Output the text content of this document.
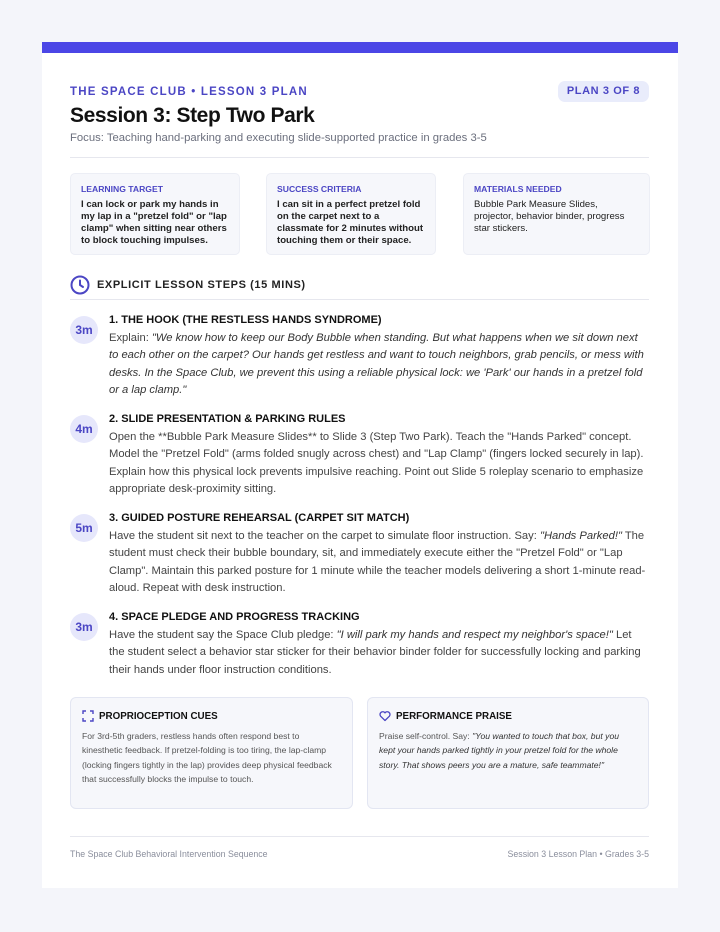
THE SPACE CLUB • LESSON 3 PLAN	PLAN 3 OF 8
Session 3: Step Two Park
Focus: Teaching hand-parking and executing slide-supported practice in grades 3-5
LEARNING TARGET
I can lock or park my hands in my lap in a "pretzel fold" or "lap clamp" when sitting near others to block touching impulses.
SUCCESS CRITERIA
I can sit in a perfect pretzel fold on the carpet next to a classmate for 2 minutes without touching them or their space.
MATERIALS NEEDED
Bubble Park Measure Slides, projector, behavior binder, progress star stickers.
EXPLICIT LESSON STEPS (15 MINS)
3m
1. THE HOOK (THE RESTLESS HANDS SYNDROME)
Explain: "We know how to keep our Body Bubble when standing. But what happens when we sit down next to each other on the carpet? Our hands get restless and want to touch neighbors, grab pencils, or mess with desks. In the Space Club, we prevent this using a reliable physical lock: we 'Park' our hands in a pretzel fold or a lap clamp."
4m
2. SLIDE PRESENTATION & PARKING RULES
Open the **Bubble Park Measure Slides** to Slide 3 (Step Two Park). Teach the "Hands Parked" concept. Model the "Pretzel Fold" (arms folded snugly across chest) and "Lap Clamp" (fingers locked securely in lap). Explain how this physical lock prevents impulsive reaching. Point out Slide 5 roleplay scenario to emphasize appropriate desk-proximity sitting.
5m
3. GUIDED POSTURE REHEARSAL (CARPET SIT MATCH)
Have the student sit next to the teacher on the carpet to simulate floor instruction. Say: "Hands Parked!" The student must check their bubble boundary, sit, and immediately execute either the "Pretzel Fold" or "Lap Clamp". Maintain this parked posture for 1 minute while the teacher models delivering a short 1-minute read-aloud. Repeat with desk instruction.
3m
4. SPACE PLEDGE AND PROGRESS TRACKING
Have the student say the Space Club pledge: "I will park my hands and respect my neighbor's space!" Let the student select a behavior star sticker for their behavior binder folder for successfully locking and parking their hands under floor instruction conditions.
PROPRIOCEPTION CUES
For 3rd-5th graders, restless hands often respond best to kinesthetic feedback. If pretzel-folding is too tiring, the lap-clamp (locking fingers tightly in the lap) provides deep physical feedback that successfully blocks the impulse to touch.
PERFORMANCE PRAISE
Praise self-control. Say: "You wanted to touch that box, but you kept your hands parked tightly in your pretzel fold for the whole story. That shows peers you are a mature, safe teammate!"
The Space Club Behavioral Intervention Sequence	Session 3 Lesson Plan • Grades 3-5
